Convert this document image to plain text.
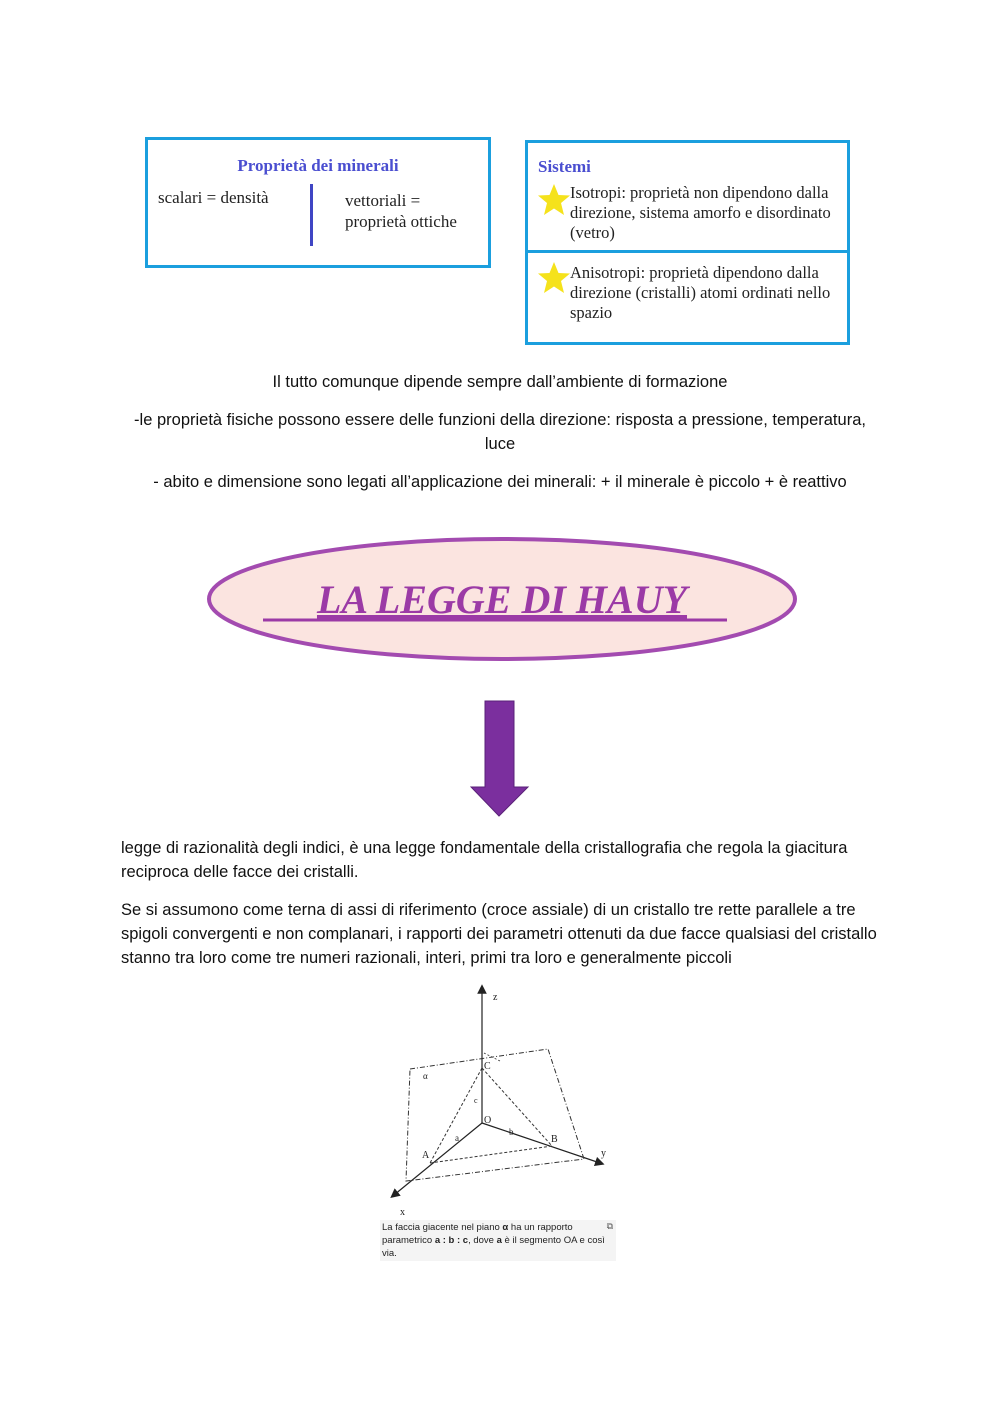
Proprietà dei minerali
scalari = densità	vettoriali =
proprietà ottiche
Sistemi
Isotropi: proprietà non dipendono dalla direzione, sistema amorfo e disordinato (vetro)
Anisotropi: proprietà dipendono dalla direzione (cristalli) atomi ordinati nello spazio
Il tutto comunque dipende sempre dall’ambiente di formazione
-le proprietà fisiche possono essere delle funzioni della direzione: risposta a pressione, temperatura, luce
- abito e dimensione sono legati all’applicazione dei minerali: + il minerale è piccolo + è reattivo
LA LEGGE DI HAUY
legge di razionalità degli indici, è una legge fondamentale della cristallografia che regola la giacitura reciproca delle facce dei cristalli.
Se si assumono come terna di assi di riferimento (croce assiale) di un cristallo tre rette parallele a tre spigoli convergenti e non complanari, i rapporti dei parametri ottenuti da due facce qualsiasi del cristallo stanno tra loro come tre numeri razionali, interi, primi tra loro e generalmente piccoli
z
y
x
C
O
A
B
a
b
c
α
La faccia giacente nel piano α ha un rapporto parametrico a : b : c, dove a è il segmento OA e così via.
⧉
